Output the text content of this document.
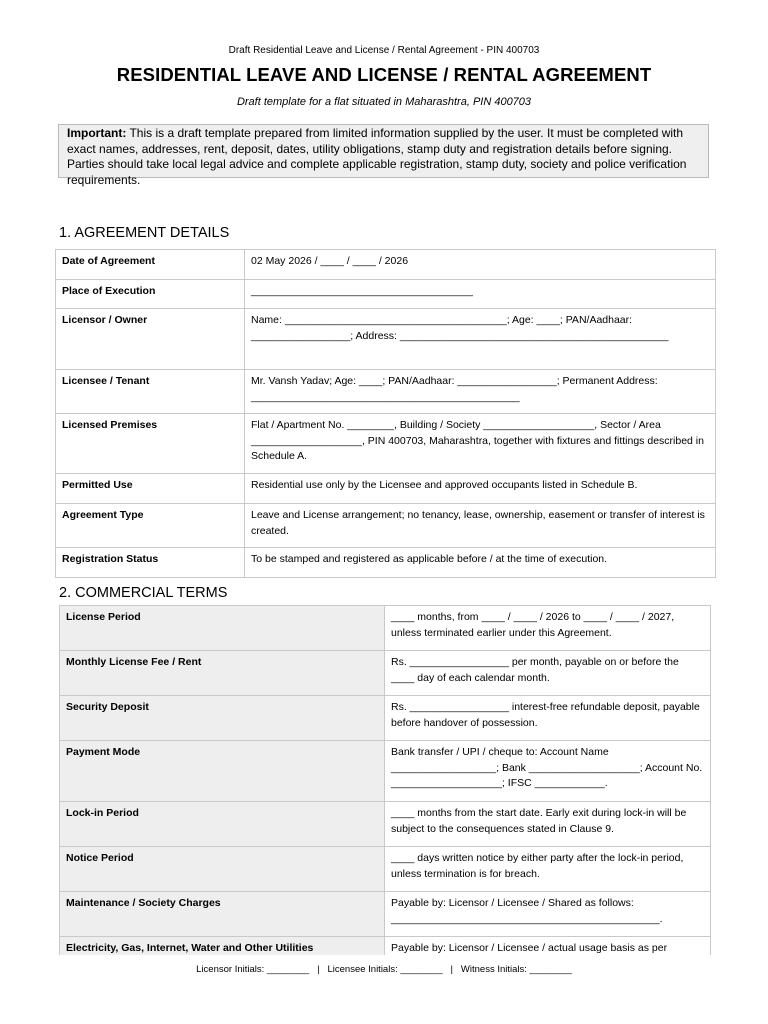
Draft Residential Leave and License / Rental Agreement - PIN 400703
RESIDENTIAL LEAVE AND LICENSE / RENTAL AGREEMENT
Draft template for a flat situated in Maharashtra, PIN 400703
Important: This is a draft template prepared from limited information supplied by the user. It must be completed with exact names, addresses, rent, deposit, dates, utility obligations, stamp duty and registration details before signing. Parties should take local legal advice and complete applicable registration, stamp duty, society and police verification requirements.
1. AGREEMENT DETAILS
Date of Agreement	02 May 2026 / ____ / ____ / 2026

Place of Execution	______________________________________

Licensor / Owner	Name: ______________________________________; Age: ____; PAN/Aadhaar: _________________; Address: ______________________________________________

Licensee / Tenant	Mr. Vansh Yadav; Age: ____; PAN/Aadhaar: _________________; Permanent Address: ______________________________________________

Licensed Premises	Flat / Apartment No. ________, Building / Society ___________________, Sector / Area ___________________, PIN 400703, Maharashtra, together with fixtures and fittings described in Schedule A.

Permitted Use	Residential use only by the Licensee and approved occupants listed in Schedule B.

Agreement Type	Leave and License arrangement; no tenancy, lease, ownership, easement or transfer of interest is created.

Registration Status	To be stamped and registered as applicable before / at the time of execution.
2. COMMERCIAL TERMS
License Period	____ months, from ____ / ____ / 2026 to ____ / ____ / 2027, unless terminated earlier under this Agreement.

Monthly License Fee / Rent	Rs. _________________ per month, payable on or before the ____ day of each calendar month.

Security Deposit	Rs. _________________ interest-free refundable deposit, payable before handover of possession.

Payment Mode	Bank transfer / UPI / cheque to: Account Name __________________; Bank ___________________; Account No. ___________________; IFSC ____________.

Lock-in Period	____ months from the start date. Early exit during lock-in will be subject to the consequences stated in Clause 9.

Notice Period	____ days written notice by either party after the lock-in period, unless termination is for breach.

Maintenance / Society Charges	Payable by: Licensor / Licensee / Shared as follows: ______________________________________________.

Electricity, Gas, Internet, Water and Other Utilities	Payable by: Licensor / Licensee / actual usage basis as per
Licensor Initials: ________   |   Licensee Initials: ________   |   Witness Initials: ________
